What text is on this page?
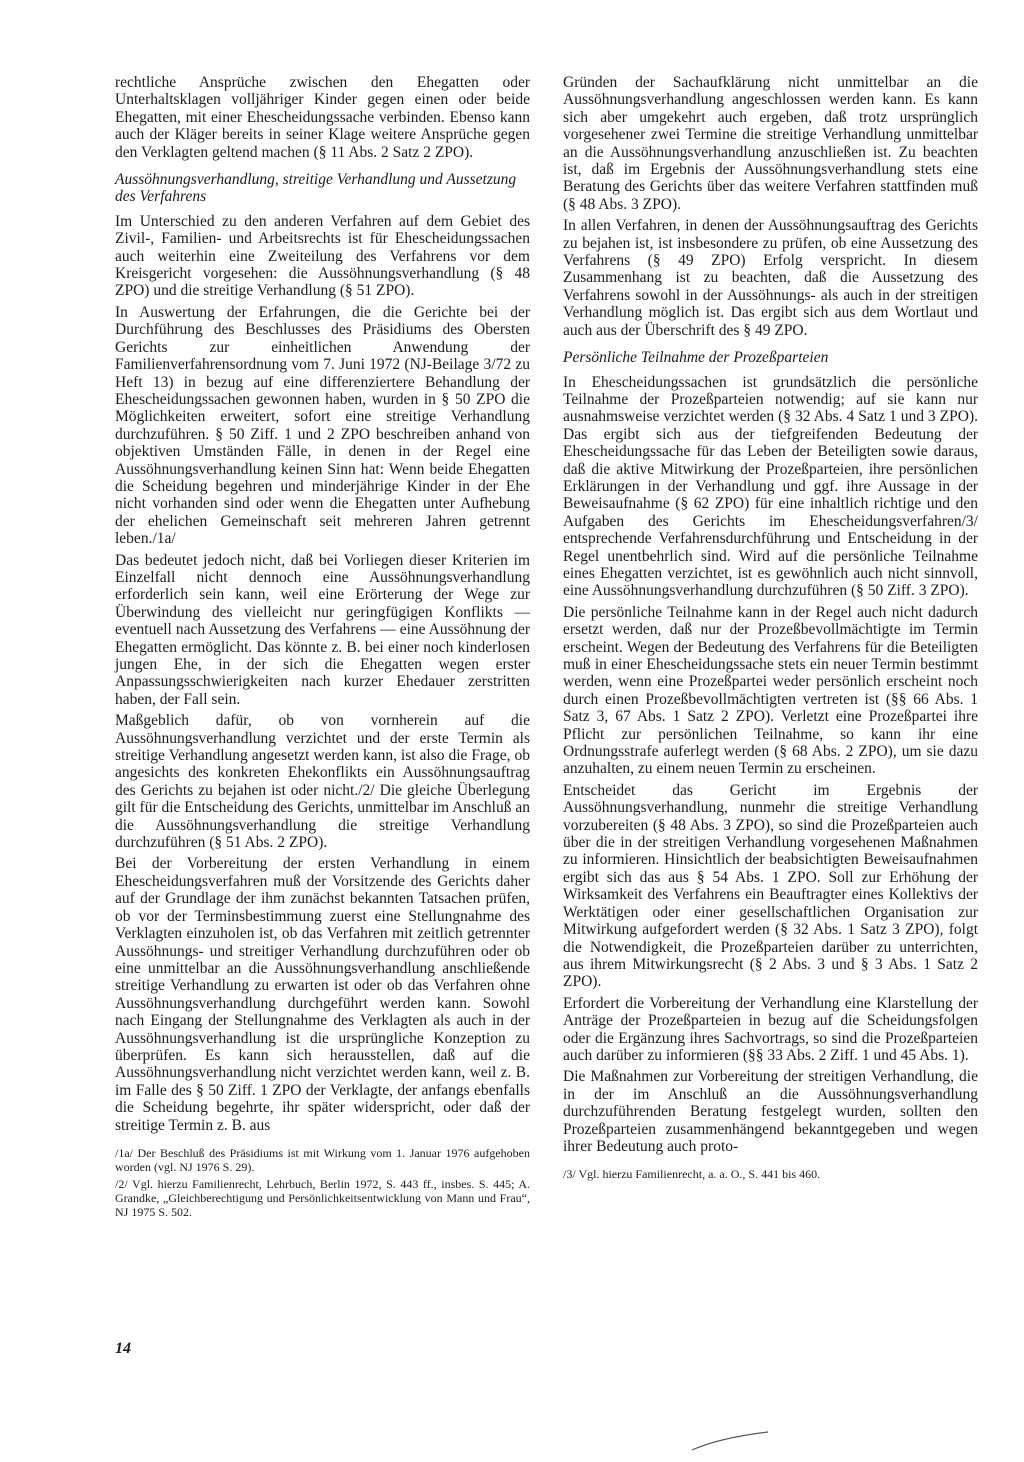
rechtliche Ansprüche zwischen den Ehegatten oder Unterhaltsklagen volljähriger Kinder gegen einen oder beide Ehegatten, mit einer Ehescheidungssache verbinden. Ebenso kann auch der Kläger bereits in seiner Klage weitere Ansprüche gegen den Verklagten geltend machen (§ 11 Abs. 2 Satz 2 ZPO).

Aussöhnungsverhandlung, streitige Verhandlung und Aussetzung des Verfahrens

Im Unterschied zu den anderen Verfahren auf dem Gebiet des Zivil-, Familien- und Arbeitsrechts ist für Ehescheidungssachen auch weiterhin eine Zweiteilung des Verfahrens vor dem Kreisgericht vorgesehen: die Aussöhnungsverhandlung (§ 48 ZPO) und die streitige Verhandlung (§ 51 ZPO).

In Auswertung der Erfahrungen, die die Gerichte bei der Durchführung des Beschlusses des Präsidiums des Obersten Gerichts zur einheitlichen Anwendung der Familienverfahrensordnung vom 7. Juni 1972 (NJ-Beilage 3/72 zu Heft 13) in bezug auf eine differenziertere Behandlung der Ehescheidungssachen gewonnen haben, wurden in § 50 ZPO die Möglichkeiten erweitert, sofort eine streitige Verhandlung durchzuführen. § 50 Ziff. 1 und 2 ZPO beschreiben anhand von objektiven Umständen Fälle, in denen in der Regel eine Aussöhnungsverhandlung keinen Sinn hat: Wenn beide Ehegatten die Scheidung begehren und minderjährige Kinder in der Ehe nicht vorhanden sind oder wenn die Ehegatten unter Aufhebung der ehelichen Gemeinschaft seit mehreren Jahren getrennt leben./1a/

Das bedeutet jedoch nicht, daß bei Vorliegen dieser Kriterien im Einzelfall nicht dennoch eine Aussöhnungsverhandlung erforderlich sein kann, weil eine Erörterung der Wege zur Überwindung des vielleicht nur geringfügigen Konflikts — eventuell nach Aussetzung des Verfahrens — eine Aussöhnung der Ehegatten ermöglicht. Das könnte z. B. bei einer noch kinderlosen jungen Ehe, in der sich die Ehegatten wegen erster Anpassungsschwierigkeiten nach kurzer Ehedauer zerstritten haben, der Fall sein.

Maßgeblich dafür, ob von vornherein auf die Aussöhnungsverhandlung verzichtet und der erste Termin als streitige Verhandlung angesetzt werden kann, ist also die Frage, ob angesichts des konkreten Ehekonflikts ein Aussöhnungsauftrag des Gerichts zu bejahen ist oder nicht./2/ Die gleiche Überlegung gilt für die Entscheidung des Gerichts, unmittelbar im Anschluß an die Aussöhnungsverhandlung die streitige Verhandlung durchzuführen (§ 51 Abs. 2 ZPO).

Bei der Vorbereitung der ersten Verhandlung in einem Ehescheidungsverfahren muß der Vorsitzende des Gerichts daher auf der Grundlage der ihm zunächst bekannten Tatsachen prüfen, ob vor der Terminsbestimmung zuerst eine Stellungnahme des Verklagten einzuholen ist, ob das Verfahren mit zeitlich getrennter Aussöhnungs- und streitiger Verhandlung durchzuführen oder ob eine unmittelbar an die Aussöhnungsverhandlung anschließende streitige Verhandlung zu erwarten ist oder ob das Verfahren ohne Aussöhnungsverhandlung durchgeführt werden kann. Sowohl nach Eingang der Stellungnahme des Verklagten als auch in der Aussöhnungsverhandlung ist die ursprüngliche Konzeption zu überprüfen. Es kann sich herausstellen, daß auf die Aussöhnungsverhandlung nicht verzichtet werden kann, weil z. B. im Falle des § 50 Ziff. 1 ZPO der Verklagte, der anfangs ebenfalls die Scheidung begehrte, ihr später widerspricht, oder daß der streitige Termin z. B. aus

/1a/ Der Beschluß des Präsidiums ist mit Wirkung vom 1. Januar 1976 aufgehoben worden (vgl. NJ 1976 S. 29).

/2/ Vgl. hierzu Familienrecht, Lehrbuch, Berlin 1972, S. 443 ff., insbes. S. 445; A. Grandke, „Gleichberechtigung und Persönlichkeitsentwicklung von Mann und Frau“, NJ 1975 S. 502.

Gründen der Sachaufklärung nicht unmittelbar an die Aussöhnungsverhandlung angeschlossen werden kann. Es kann sich aber umgekehrt auch ergeben, daß trotz ursprünglich vorgesehener zwei Termine die streitige Verhandlung unmittelbar an die Aussöhnungsverhandlung anzuschließen ist. Zu beachten ist, daß im Ergebnis der Aussöhnungsverhandlung stets eine Beratung des Gerichts über das weitere Verfahren stattfinden muß (§ 48 Abs. 3 ZPO).

In allen Verfahren, in denen der Aussöhnungsauftrag des Gerichts zu bejahen ist, ist insbesondere zu prüfen, ob eine Aussetzung des Verfahrens (§ 49 ZPO) Erfolg verspricht. In diesem Zusammenhang ist zu beachten, daß die Aussetzung des Verfahrens sowohl in der Aussöhnungs- als auch in der streitigen Verhandlung möglich ist. Das ergibt sich aus dem Wortlaut und auch aus der Überschrift des § 49 ZPO.

Persönliche Teilnahme der Prozeßparteien

In Ehescheidungssachen ist grundsätzlich die persönliche Teilnahme der Prozeßparteien notwendig; auf sie kann nur ausnahmsweise verzichtet werden (§ 32 Abs. 4 Satz 1 und 3 ZPO). Das ergibt sich aus der tiefgreifenden Bedeutung der Ehescheidungssache für das Leben der Beteiligten sowie daraus, daß die aktive Mitwirkung der Prozeßparteien, ihre persönlichen Erklärungen in der Verhandlung und ggf. ihre Aussage in der Beweisaufnahme (§ 62 ZPO) für eine inhaltlich richtige und den Aufgaben des Gerichts im Ehescheidungsverfahren/3/ entsprechende Verfahrensdurchführung und Entscheidung in der Regel unentbehrlich sind. Wird auf die persönliche Teilnahme eines Ehegatten verzichtet, ist es gewöhnlich auch nicht sinnvoll, eine Aussöhnungsverhandlung durchzuführen (§ 50 Ziff. 3 ZPO).

Die persönliche Teilnahme kann in der Regel auch nicht dadurch ersetzt werden, daß nur der Prozeßbevollmächtigte im Termin erscheint. Wegen der Bedeutung des Verfahrens für die Beteiligten muß in einer Ehescheidungssache stets ein neuer Termin bestimmt werden, wenn eine Prozeßpartei weder persönlich erscheint noch durch einen Prozeßbevollmächtigten vertreten ist (§§ 66 Abs. 1 Satz 3, 67 Abs. 1 Satz 2 ZPO). Verletzt eine Prozeßpartei ihre Pflicht zur persönlichen Teilnahme, so kann ihr eine Ordnungsstrafe auferlegt werden (§ 68 Abs. 2 ZPO), um sie dazu anzuhalten, zu einem neuen Termin zu erscheinen.

Entscheidet das Gericht im Ergebnis der Aussöhnungsverhandlung, nunmehr die streitige Verhandlung vorzubereiten (§ 48 Abs. 3 ZPO), so sind die Prozeßparteien auch über die in der streitigen Verhandlung vorgesehenen Maßnahmen zu informieren. Hinsichtlich der beabsichtigten Beweisaufnahmen ergibt sich das aus § 54 Abs. 1 ZPO. Soll zur Erhöhung der Wirksamkeit des Verfahrens ein Beauftragter eines Kollektivs der Werktätigen oder einer gesellschaftlichen Organisation zur Mitwirkung aufgefordert werden (§ 32 Abs. 1 Satz 3 ZPO), folgt die Notwendigkeit, die Prozeßparteien darüber zu unterrichten, aus ihrem Mitwirkungsrecht (§ 2 Abs. 3 und § 3 Abs. 1 Satz 2 ZPO).

Erfordert die Vorbereitung der Verhandlung eine Klarstellung der Anträge der Prozeßparteien in bezug auf die Scheidungsfolgen oder die Ergänzung ihres Sachvortrags, so sind die Prozeßparteien auch darüber zu informieren (§§ 33 Abs. 2 Ziff. 1 und 45 Abs. 1).

Die Maßnahmen zur Vorbereitung der streitigen Verhandlung, die in der im Anschluß an die Aussöhnungsverhandlung durchzuführenden Beratung festgelegt wurden, sollten den Prozeßparteien zusammenhängend bekanntgegeben und wegen ihrer Bedeutung auch proto-

/3/ Vgl. hierzu Familienrecht, a. a. O., S. 441 bis 460.

14
